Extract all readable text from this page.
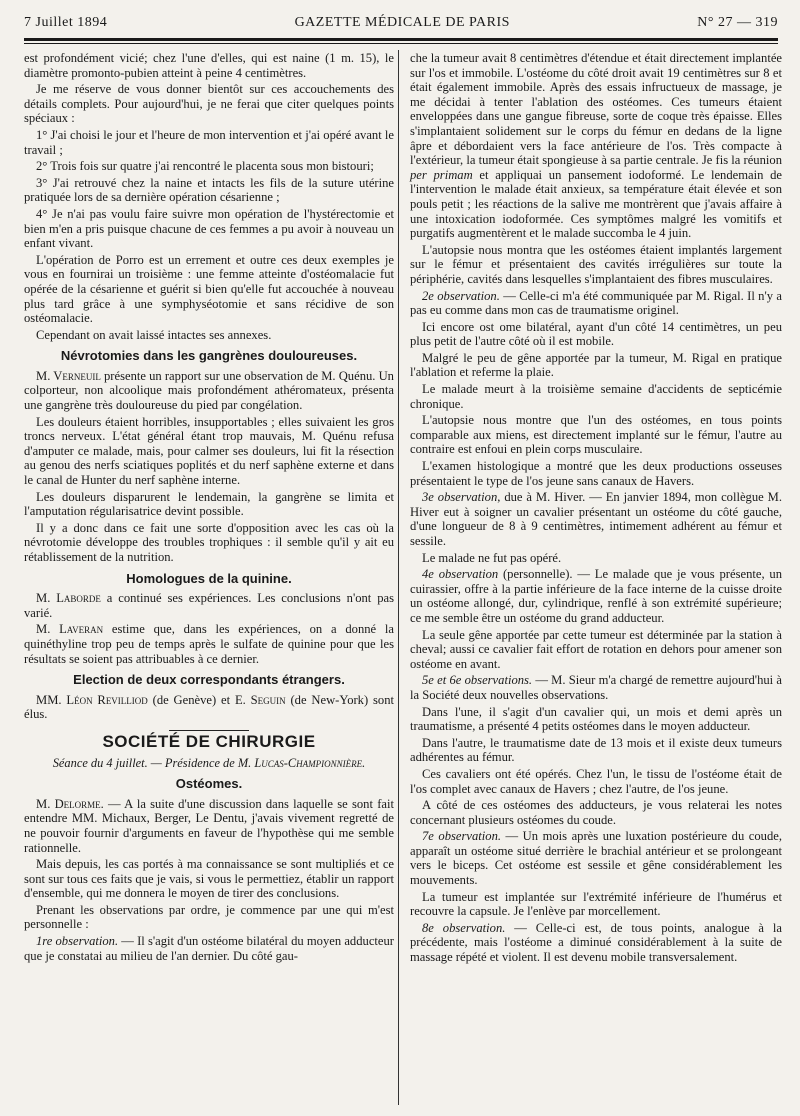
7 Juillet 1894	GAZETTE MÉDICALE DE PARIS	N° 27 — 319

est profondément vicié; chez l'une d'elles, qui est naine (1 m. 15), le diamètre promonto-pubien atteint à peine 4 centimètres.

Je me réserve de vous donner bientôt sur ces accouchements des détails complets. Pour aujourd'hui, je ne ferai que citer quelques points spéciaux :

1° J'ai choisi le jour et l'heure de mon intervention et j'ai opéré avant le travail ;

2° Trois fois sur quatre j'ai rencontré le placenta sous mon bistouri;

3° J'ai retrouvé chez la naine et intacts les fils de la suture utérine pratiquée lors de sa dernière opération césarienne ;

4° Je n'ai pas voulu faire suivre mon opération de l'hystérectomie et bien m'en a pris puisque chacune de ces femmes a pu avoir à nouveau un enfant vivant.

L'opération de Porro est un errement et outre ces deux exemples je vous en fournirai un troisième : une femme atteinte d'ostéomalacie fut opérée de la césarienne et guérit si bien qu'elle fut accouchée à nouveau plus tard grâce à une symphyséotomie et sans récidive de son ostéomalacie.

Cependant on avait laissé intactes ses annexes.

Névrotomies dans les gangrènes douloureuses.

M. Verneuil présente un rapport sur une observation de M. Quénu. Un colporteur, non alcoolique mais profondément athéromateux, présenta une gangrène très douloureuse du pied par congélation.

Les douleurs étaient horribles, insupportables ; elles suivaient les gros troncs nerveux. L'état général étant trop mauvais, M. Quénu refusa d'amputer ce malade, mais, pour calmer ses douleurs, lui fit la résection au genou des nerfs sciatiques poplités et du nerf saphène externe et dans le canal de Hunter du nerf saphène interne.

Les douleurs disparurent le lendemain, la gangrène se limita et l'amputation régularisatrice devint possible.

Il y a donc dans ce fait une sorte d'opposition avec les cas où la névrotomie développe des troubles trophiques : il semble qu'il y ait eu rétablissement de la nutrition.

Homologues de la quinine.

M. Laborde a continué ses expériences. Les conclusions n'ont pas varié.

M. Laveran estime que, dans les expériences, on a donné la quinéthyline trop peu de temps après le sulfate de quinine pour que les résultats se soient pas attribuables à ce dernier.

Election de deux correspondants étrangers.

MM. Léon Revilliod (de Genève) et E. Seguin (de New-York) sont élus.

SOCIÉTÉ DE CHIRURGIE
Séance du 4 juillet. — Présidence de M. Lucas-Championnière.
Ostéomes.

M. Delorme. — A la suite d'une discussion dans laquelle se sont fait entendre MM. Michaux, Berger, Le Dentu, j'avais vivement regretté de ne pouvoir fournir d'arguments en faveur de l'hypothèse qui me semble rationnelle.

Mais depuis, les cas portés à ma connaissance se sont multipliés et ce sont sur tous ces faits que je vais, si vous le permettiez, établir un rapport d'ensemble, qui me donnera le moyen de tirer des conclusions.

Prenant les observations par ordre, je commence par une qui m'est personnelle :

1re observation. — Il s'agit d'un ostéome bilatéral du moyen adducteur que je constatai au milieu de l'an dernier. Du côté gau-

che la tumeur avait 8 centimètres d'étendue et était directement implantée sur l'os et immobile. L'ostéome du côté droit avait 19 centimètres sur 8 et était également immobile. Après des essais infructueux de massage, je me décidai à tenter l'ablation des ostéomes. Ces tumeurs étaient enveloppées dans une gangue fibreuse, sorte de coque très épaisse. Elles s'implantaient solidement sur le corps du fémur en dedans de la ligne âpre et débordaient vers la face antérieure de l'os. Très compacte à l'extérieur, la tumeur était spongieuse à sa partie centrale. Je fis la réunion per primam et appliquai un pansement iodoformé. Le lendemain de l'intervention le malade était anxieux, sa température était élevée et son pouls petit ; les réactions de la salive me montrèrent que j'avais affaire à une intoxication iodoformée. Ces symptômes malgré les vomitifs et purgatifs augmentèrent et le malade succomba le 4 juin.

L'autopsie nous montra que les ostéomes étaient implantés largement sur le fémur et présentaient des cavités irrégulières sur toute la périphérie, cavités dans lesquelles s'implantaient des fibres musculaires.

2e observation. — Celle-ci m'a été communiquée par M. Rigal. Il n'y a pas eu comme dans mon cas de traumatisme originel.

Ici encore ost ome bilatéral, ayant d'un côté 14 centimètres, un peu plus petit de l'autre côté où il est mobile.

Malgré le peu de gêne apportée par la tumeur, M. Rigal en pratique l'ablation et referme la plaie.

Le malade meurt à la troisième semaine d'accidents de septicémie chronique.

L'autopsie nous montre que l'un des ostéomes, en tous points comparable aux miens, est directement implanté sur le fémur, l'autre au contraire est enfoui en plein corps musculaire.

L'examen histologique a montré que les deux productions osseuses présentaient le type de l'os jeune sans canaux de Havers.

3e observation, due à M. Hiver. — En janvier 1894, mon collègue M. Hiver eut à soigner un cavalier présentant un ostéome du côté gauche, d'une longueur de 8 à 9 centimètres, intimement adhérent au fémur et sessile.

Le malade ne fut pas opéré.

4e observation (personnelle). — Le malade que je vous présente, un cuirassier, offre à la partie inférieure de la face interne de la cuisse droite un ostéome allongé, dur, cylindrique, renflé à son extrémité supérieure; ce me semble être un ostéome du grand adducteur.

La seule gêne apportée par cette tumeur est déterminée par la station à cheval; aussi ce cavalier fait effort de rotation en dehors pour amener son ostéome en avant.

5e et 6e observations. — M. Sieur m'a chargé de remettre aujourd'hui à la Société deux nouvelles observations.

Dans l'une, il s'agit d'un cavalier qui, un mois et demi après un traumatisme, a présenté 4 petits ostéomes dans le moyen adducteur.

Dans l'autre, le traumatisme date de 13 mois et il existe deux tumeurs adhérentes au fémur.

Ces cavaliers ont été opérés. Chez l'un, le tissu de l'ostéome était de l'os complet avec canaux de Havers ; chez l'autre, de l'os jeune.

A côté de ces ostéomes des adducteurs, je vous relaterai les notes concernant plusieurs ostéomes du coude.

7e observation. — Un mois après une luxation postérieure du coude, apparaît un ostéome situé derrière le brachial antérieur et se prolongeant vers le biceps. Cet ostéome est sessile et gêne considérablement les mouvements.

La tumeur est implantée sur l'extrémité inférieure de l'humérus et recouvre la capsule. Je l'enlève par morcellement.

8e observation. — Celle-ci est, de tous points, analogue à la précédente, mais l'ostéome a diminué considérablement à la suite de massage répété et violent. Il est devenu mobile transversalement.
